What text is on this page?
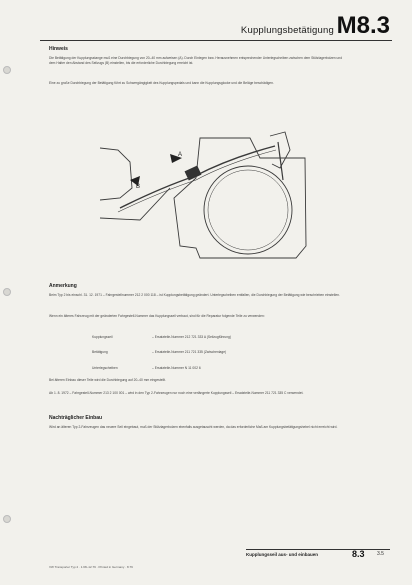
Kupplungsbetätigung M8.3
Hinweis
Die Betätigung der Kupplungsstange muß eine Durchbiegung von 20–40 mm aufweisen (A). Durch Einlegen bzw. Herausnehmen entsprechender Unterlegscheiben zwischen dem Stützlagerbolzen und dem Halter den Abstand des Seilzugs (B) einstellen, bis die erforderliche Durchbiegung erreicht ist.
Eine zu große Durchbiegung der Betätigung führt zu Schwergängigkeit des Kupplungspedals und kann die Kupplungsglocke und die Beläge beschädigen.
A
B
Anmerkung
Beim Typ 2 bis einschl. 31. 12. 1971 – Fahrgestellnummer 212 2 000 118 – ist Kupplungsbetätigung geändert. Unterlegscheiben entfallen, die Durchbiegung der Betätigung wie beschrieben einstellen.
Wenn ein älteres Fahrzeug mit der geänderten Fahrgestell-Nummer das Kupplungsseil verbaut, sind für die Reparatur folgende Teile zu verwenden:
Kupplungsseil	– Ersatzteile-Nummer 212 721 333 A (Seilzugführung)
Betätigung	– Ersatzteile-Nummer 211 721 335 (Zwischenlage)
Unterlegscheiben	– Ersatzteile-Nummer N 11 002 6
Bei älteren Einbau dieser Teile wird die Durchbiegung auf 20–40 mm eingestellt.
Ab 1. 8. 1972 – Fahrgestell-Nummer 213 2 100 001 – wird in den Typ 2-Fahrzeugen nur noch eine verlängerte Kupplungsseil – Ersatzteile-Nummer 211 721 335 C verwendet.
Nachträglicher Einbau
Wird an älteren Typ 2-Fahrzeugen das neuere Seil eingebaut, muß der Stützlagerbolzen ebenfalls ausgetauscht werden, da das erforderliche Maß am Kupplungsbetätigungshebel nicht erreicht wird.
Kupplungsseil aus- und einbauen	8.3 3.5
VW Transporter Typ 2 · 1.68–12.79 · Printed in Germany · 8.79
